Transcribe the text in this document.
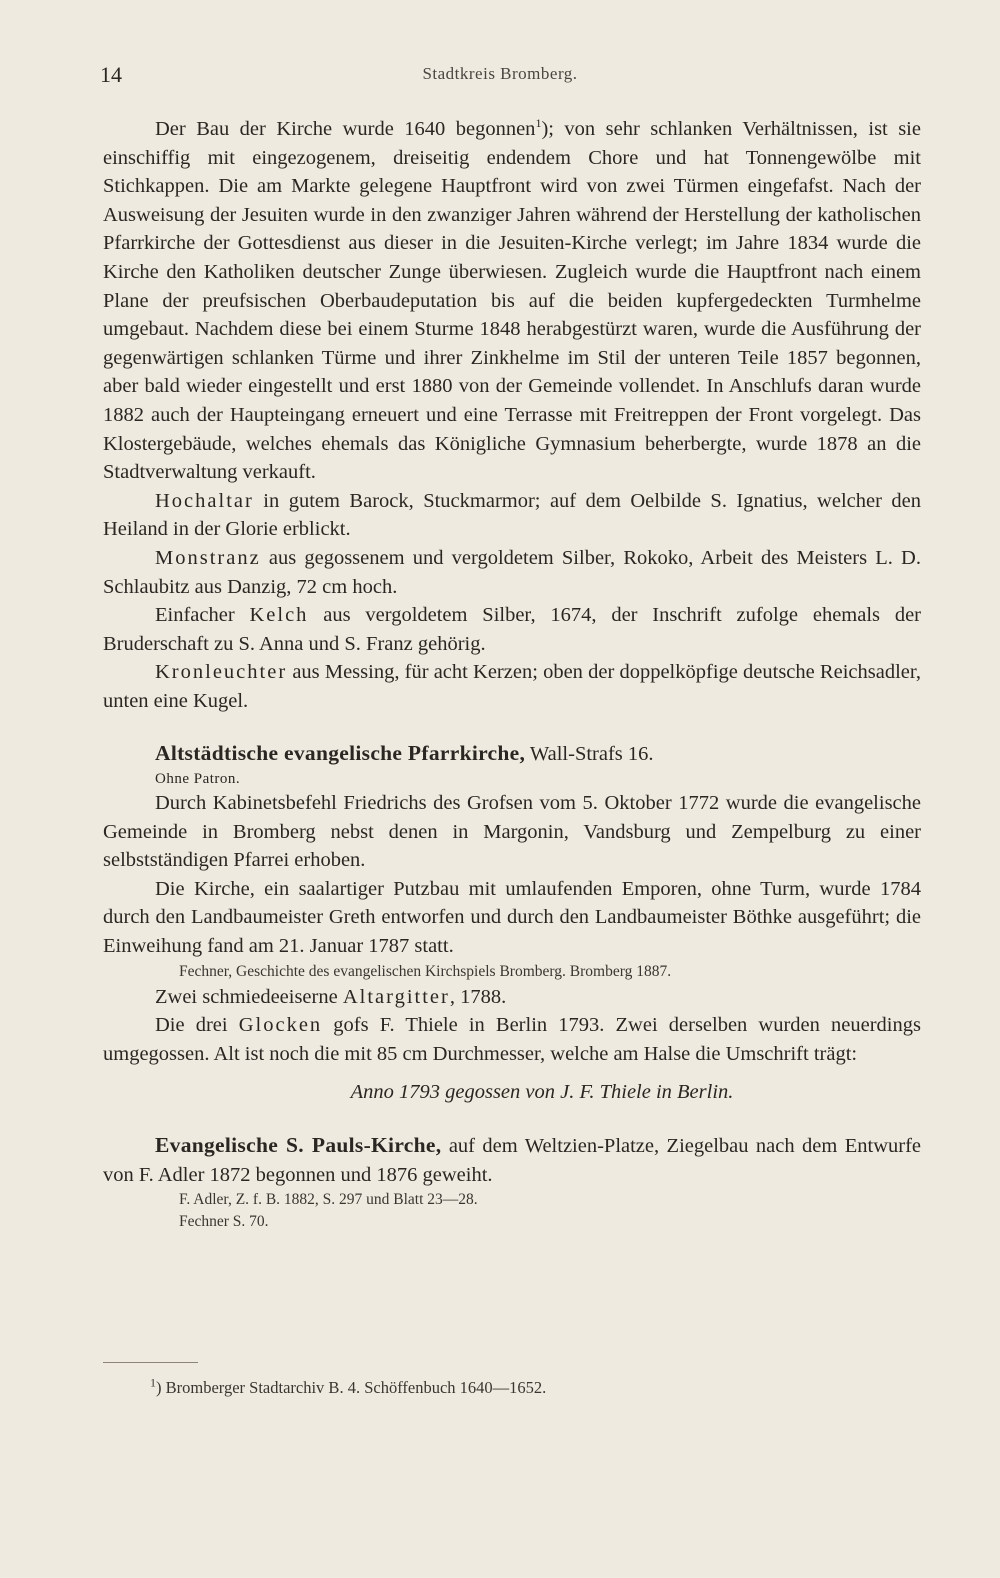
14	Stadtkreis Bromberg.

Der Bau der Kirche wurde 1640 begonnen$^1$); von sehr schlanken Verhältnissen, ist sie einschiffig mit eingezogenem, dreiseitig endendem Chore und hat Tonnengewölbe mit Stichkappen. Die am Markte gelegene Hauptfront wird von zwei Türmen eingefafst. Nach der Ausweisung der Jesuiten wurde in den zwanziger Jahren während der Herstellung der katholischen Pfarrkirche der Gottesdienst aus dieser in die Jesuiten-Kirche verlegt; im Jahre 1834 wurde die Kirche den Katholiken deutscher Zunge überwiesen. Zugleich wurde die Hauptfront nach einem Plane der preufsischen Oberbaudeputation bis auf die beiden kupfergedeckten Turmhelme umgebaut. Nachdem diese bei einem Sturme 1848 herabgestürzt waren, wurde die Ausführung der gegenwärtigen schlanken Türme und ihrer Zinkhelme im Stil der unteren Teile 1857 begonnen, aber bald wieder eingestellt und erst 1880 von der Gemeinde vollendet. In Anschlufs daran wurde 1882 auch der Haupteingang erneuert und eine Terrasse mit Freitreppen der Front vorgelegt. Das Klostergebäude, welches ehemals das Königliche Gymnasium beherbergte, wurde 1878 an die Stadtverwaltung verkauft.

Hochaltar in gutem Barock, Stuckmarmor; auf dem Oelbilde S. Ignatius, welcher den Heiland in der Glorie erblickt.

Monstranz aus gegossenem und vergoldetem Silber, Rokoko, Arbeit des Meisters L. D. Schlaubitz aus Danzig, 72 cm hoch.

Einfacher Kelch aus vergoldetem Silber, 1674, der Inschrift zufolge ehemals der Bruderschaft zu S. Anna und S. Franz gehörig.

Kronleuchter aus Messing, für acht Kerzen; oben der doppelköpfige deutsche Reichsadler, unten eine Kugel.

Altstädtische evangelische Pfarrkirche, Wall-Strafs 16.

Ohne Patron.

Durch Kabinetsbefehl Friedrichs des Grofsen vom 5. Oktober 1772 wurde die evangelische Gemeinde in Bromberg nebst denen in Margonin, Vandsburg und Zempelburg zu einer selbstständigen Pfarrei erhoben.

Die Kirche, ein saalartiger Putzbau mit umlaufenden Emporen, ohne Turm, wurde 1784 durch den Landbaumeister Greth entworfen und durch den Landbaumeister Böthke ausgeführt; die Einweihung fand am 21. Januar 1787 statt.

Fechner, Geschichte des evangelischen Kirchspiels Bromberg. Bromberg 1887.

Zwei schmiedeeiserne Altargitter, 1788.

Die drei Glocken gofs F. Thiele in Berlin 1793. Zwei derselben wurden neuerdings umgegossen. Alt ist noch die mit 85 cm Durchmesser, welche am Halse die Umschrift trägt:

Anno 1793 gegossen von J. F. Thiele in Berlin.

Evangelische S. Pauls-Kirche, auf dem Weltzien-Platze, Ziegelbau nach dem Entwurfe von F. Adler 1872 begonnen und 1876 geweiht.

F. Adler, Z. f. B. 1882, S. 297 und Blatt 23—28.

Fechner S. 70.

$^1$) Bromberger Stadtarchiv B. 4. Schöffenbuch 1640—1652.
